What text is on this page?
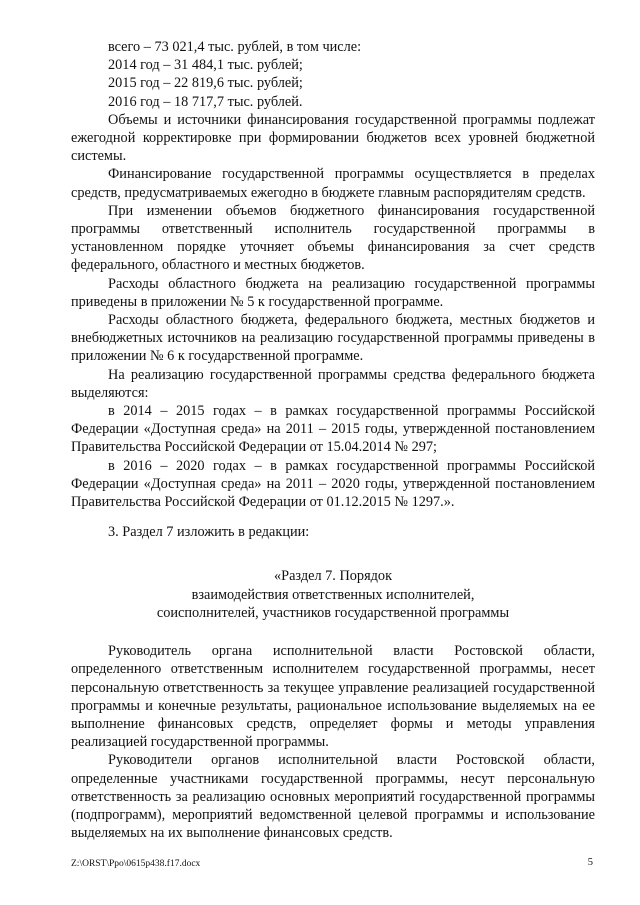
всего – 73 021,4 тыс. рублей, в том числе:

2014 год – 31 484,1 тыс. рублей;

2015 год – 22 819,6 тыс. рублей;

2016 год – 18 717,7 тыс. рублей.

Объемы и источники финансирования государственной программы подлежат ежегодной корректировке при формировании бюджетов всех уровней бюджетной системы.

Финансирование государственной программы осуществляется в пределах средств, предусматриваемых ежегодно в бюджете главным распорядителям средств.

При изменении объемов бюджетного финансирования государственной программы ответственный исполнитель государственной программы в установленном порядке уточняет объемы финансирования за счет средств федерального, областного и местных бюджетов.

Расходы областного бюджета на реализацию государственной программы приведены в приложении № 5 к государственной программе.

Расходы областного бюджета, федерального бюджета, местных бюджетов и внебюджетных источников на реализацию государственной программы приведены в приложении № 6 к государственной программе.

На реализацию государственной программы средства федерального бюджета выделяются:

в 2014 – 2015 годах – в рамках государственной программы Российской Федерации «Доступная среда» на 2011 – 2015 годы, утвержденной постановлением Правительства Российской Федерации от 15.04.2014 № 297;

в 2016 – 2020 годах – в рамках государственной программы Российской Федерации «Доступная среда» на 2011 – 2020 годы, утвержденной постановлением Правительства Российской Федерации от 01.12.2015 № 1297.».

3. Раздел 7 изложить в редакции:

«Раздел 7. Порядок
взаимодействия ответственных исполнителей,
соисполнителей, участников государственной программы

Руководитель органа исполнительной власти Ростовской области, определенного ответственным исполнителем государственной программы, несет персональную ответственность за текущее управление реализацией государственной программы и конечные результаты, рациональное использование выделяемых на ее выполнение финансовых средств, определяет формы и методы управления реализацией государственной программы.

Руководители органов исполнительной власти Ростовской области, определенные участниками государственной программы, несут персональную ответственность за реализацию основных мероприятий государственной программы (подпрограмм), мероприятий ведомственной целевой программы и использование выделяемых на их выполнение финансовых средств.

Z:\ORST\Ppo\0615p438.f17.docx	5
